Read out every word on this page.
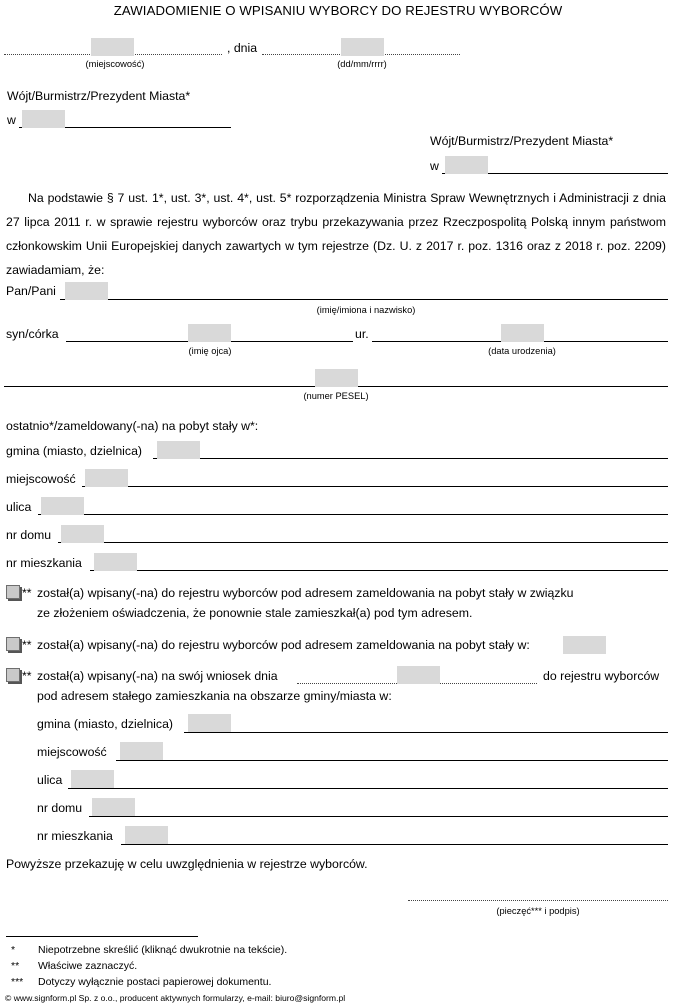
ZAWIADOMIENIE O WPISANIU WYBORCY DO REJESTRU WYBORCÓW
, dnia
(miejscowość)	(dd/mm/rrrr)
Wójt/Burmistrz/Prezydent Miasta*
w
Wójt/Burmistrz/Prezydent Miasta*
w
Na podstawie § 7 ust. 1*, ust. 3*, ust. 4*, ust. 5* rozporządzenia Ministra Spraw Wewnętrznych i Administracji z dnia 27 lipca 2011 r. w sprawie rejestru wyborców oraz trybu przekazywania przez Rzeczpospolitą Polską innym państwom członkowskim Unii Europejskiej danych zawartych w tym rejestrze (Dz. U. z 2017 r. poz. 1316 oraz z 2018 r. poz. 2209) zawiadamiam, że:
Pan/Pani
(imię/imiona i nazwisko)
syn/córka	ur.
(imię ojca)	(data urodzenia)
(numer PESEL)
ostatnio*/zameldowany(-na) na pobyt stały w*:
gmina (miasto, dzielnica)
miejscowość
ulica
nr domu
nr mieszkania
** został(a) wpisany(-na) do rejestru wyborców pod adresem zameldowania na pobyt stały w związku
ze złożeniem oświadczenia, że ponownie stale zamieszkał(a) pod tym adresem.
** został(a) wpisany(-na) do rejestru wyborców pod adresem zameldowania na pobyt stały w:
** został(a) wpisany(-na) na swój wniosek dnia	do rejestru wyborców
pod adresem stałego zamieszkania na obszarze gminy/miasta w:
gmina (miasto, dzielnica)
miejscowość
ulica
nr domu
nr mieszkania
Powyższe przekazuję w celu uwzględnienia w rejestrze wyborców.
(pieczęć*** i podpis)
* Niepotrzebne skreślić (kliknąć dwukrotnie na tekście).
** Właściwe zaznaczyć.
*** Dotyczy wyłącznie postaci papierowej dokumentu.
© www.signform.pl Sp. z o.o., producent aktywnych formularzy, e-mail: biuro@signform.pl
